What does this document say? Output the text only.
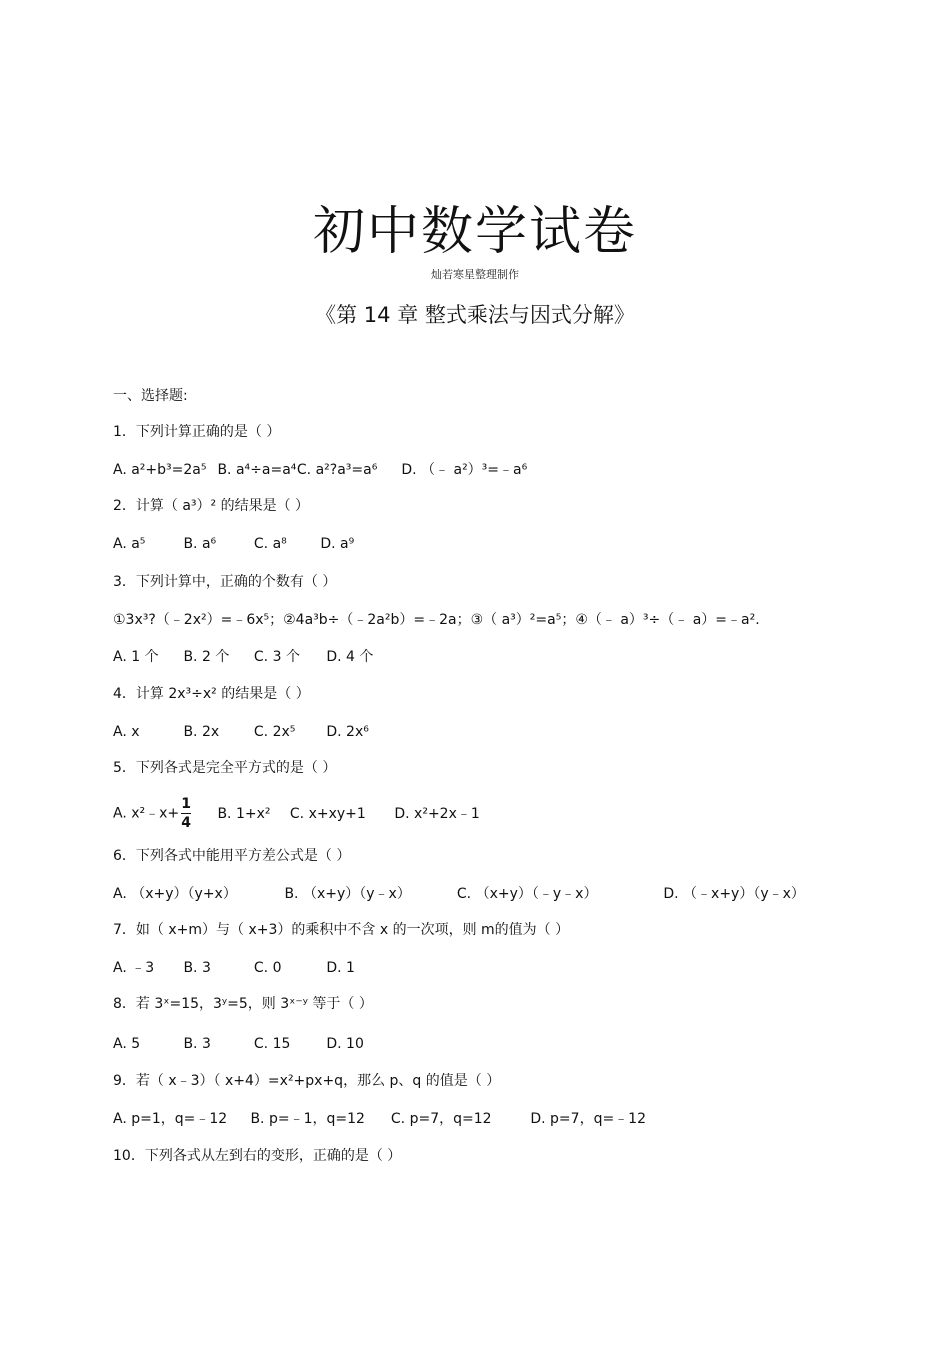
初中数学试卷
灿若寒星整理制作
《第 14 章 整式乘法与因式分解》
一、选择题:
1．下列计算正确的是（ ）
A. a²+b³=2a⁵ B. a⁴÷a=a⁴ C. a²?a³=a⁶ D. （﹣ a²）³=﹣a⁶
2．计算（ a³）² 的结果是（ ）
A. a⁵	B. a⁶	C. a⁸ D. a⁹
3．下列计算中，正确的个数有（ ）
①3x³?（﹣2x²）=﹣6x⁵；②4a³b÷（﹣2a²b）=﹣2a；③（ a³）²=a⁵；④（﹣ a）³÷（﹣ a）=﹣a².
A. 1 个 B. 2 个 C. 3 个 D. 4 个
4．计算 2x³÷x² 的结果是（ ）
A. x	B. 2x C. 2x⁵ D. 2x⁶
5．下列各式是完全平方式的是（ ）
A. x²﹣x+ $\frac{1}{4} B$. 1+x² C. x+xy+1 D. x²+2x﹣1
6．下列各式中能用平方差公式是（ ）
A. （x+y）（y+x）	B. （x+y）（y﹣x）	C. （x+y）（﹣y﹣x）	D. （﹣x+y）（y﹣x）
7．如（ x+m）与（ x+3）的乘积中不含 x 的一次项，则 m的值为（ ）
A. ﹣3 B. 3	C. 0	D. 1
8．若 3ˣ=15，3ʸ=5，则 3ˣ⁻ʸ 等于（ ）
A. 5	B. 3	C. 15	D. 10
9．若（ x﹣3）（ x+4）=x²+px+q，那么 p、q 的值是（ ）
A. p=1，q=﹣12 B. p=﹣1，q=12 C. p=7，q=12	D. p=7，q=﹣12
10．下列各式从左到右的变形，正确的是（ ）
